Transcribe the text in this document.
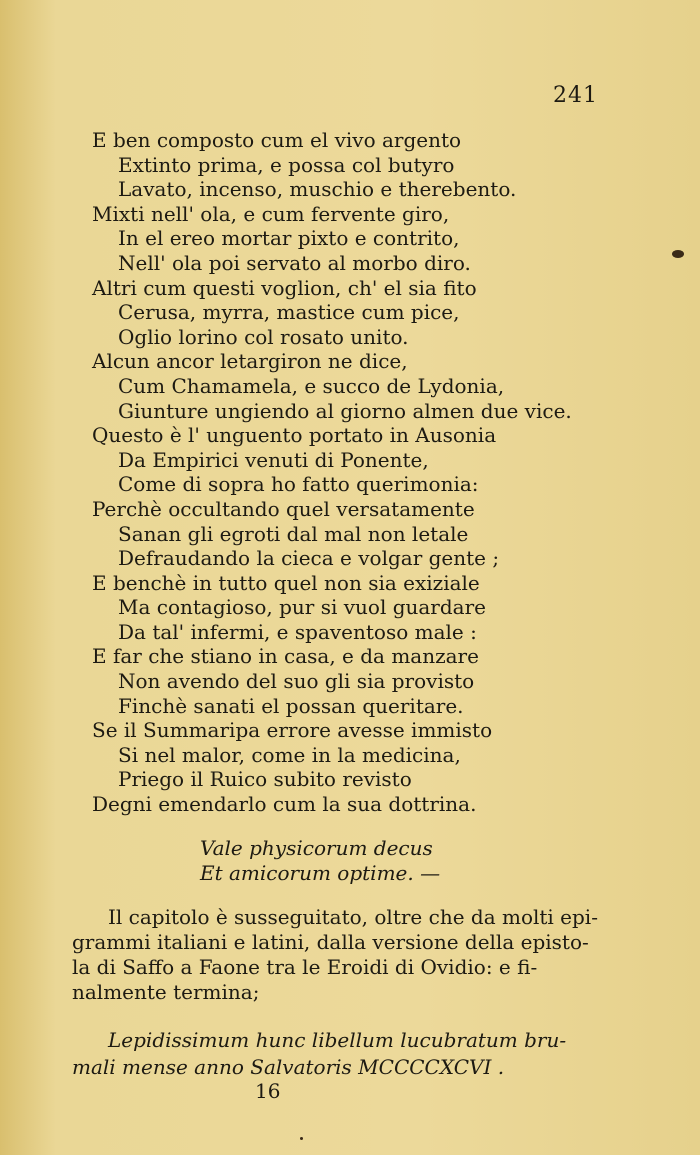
241
E ben composto cum el vivo argento
Extinto prima, e possa col butyro
Lavato, incenso, muschio e therebento.
Mixti nell' ola, e cum fervente giro,
In el ereo mortar pixto e contrito,
Nell' ola poi servato al morbo diro.
Altri cum questi voglion, ch' el sia fito
Cerusa, myrra, mastice cum pice,
Oglio lorino col rosato unito.
Alcun ancor letargiron ne dice,
Cum Chamamela, e succo de Lydonia,
Giunture ungiendo al giorno almen due vice.
Questo è l' unguento portato in Ausonia
Da Empirici venuti di Ponente,
Come di sopra ho fatto querimonia:
Perchè occultando quel versatamente
Sanan gli egroti dal mal non letale
Defraudando la cieca e volgar gente ;
E benchè in tutto quel non sia exiziale
Ma contagioso, pur si vuol guardare
Da tal' infermi, e spaventoso male :
E far che stiano in casa, e da manzare
Non avendo del suo gli sia provisto
Finchè sanati el possan queritare.
Se il Summaripa errore avesse immisto
Si nel malor, come in la medicina,
Priego il Ruico subito revisto
Degni emendarlo cum la sua dottrina.
Vale physicorum decus
Et amicorum optime. —
Il capitolo è susseguitato, oltre che da molti epi-
grammi italiani e latini, dalla versione della episto-
la di Saffo a Faone tra le Eroidi di Ovidio: e fi-
nalmente termina;
Lepidissimum hunc libellum lucubratum bru-
mali mense anno Salvatoris MCCCCXCVI .
16
